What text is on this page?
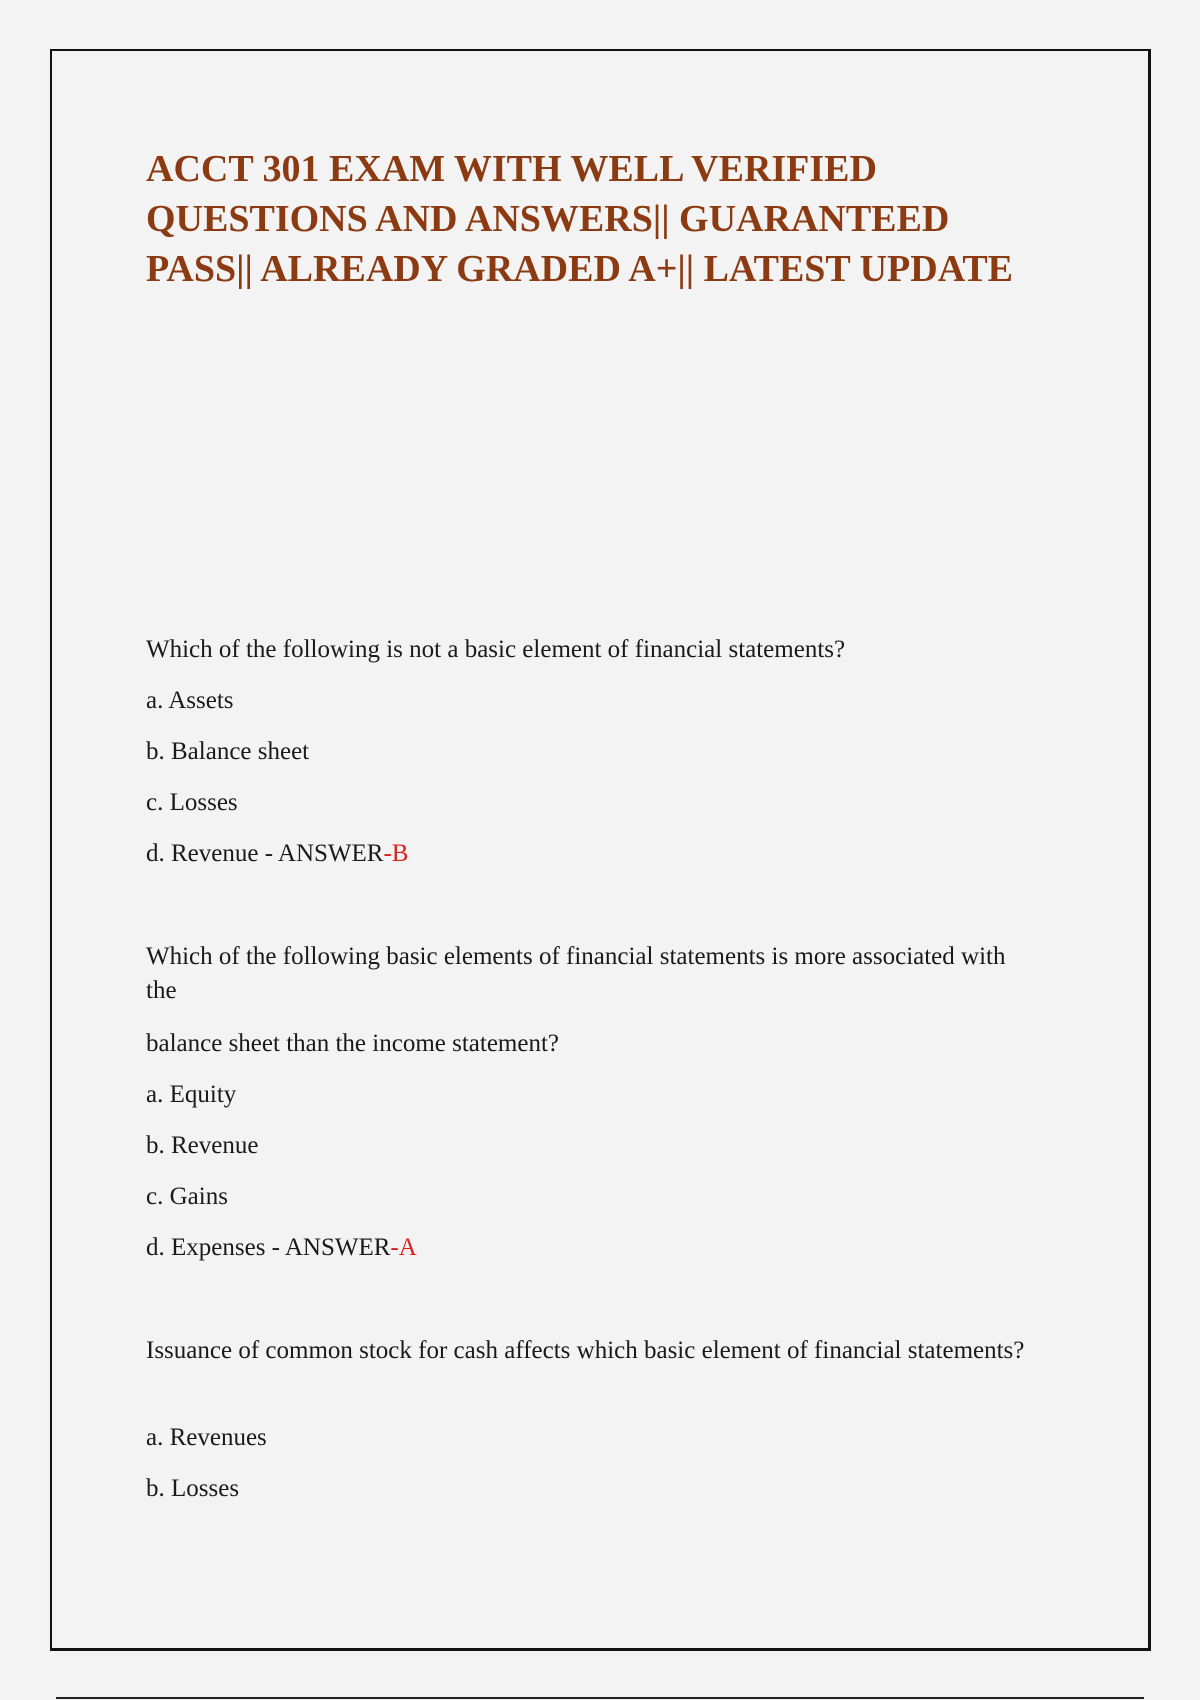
ACCT 301 EXAM WITH WELL VERIFIED QUESTIONS AND ANSWERS|| GUARANTEED PASS|| ALREADY GRADED A+|| LATEST UPDATE

Which of the following is not a basic element of financial statements?

a. Assets

b. Balance sheet

c. Losses

d. Revenue - ANSWER-B

Which of the following basic elements of financial statements is more associated with the

balance sheet than the income statement?

a. Equity

b. Revenue

c. Gains

d. Expenses - ANSWER-A

Issuance of common stock for cash affects which basic element of financial statements?

a. Revenues

b. Losses
